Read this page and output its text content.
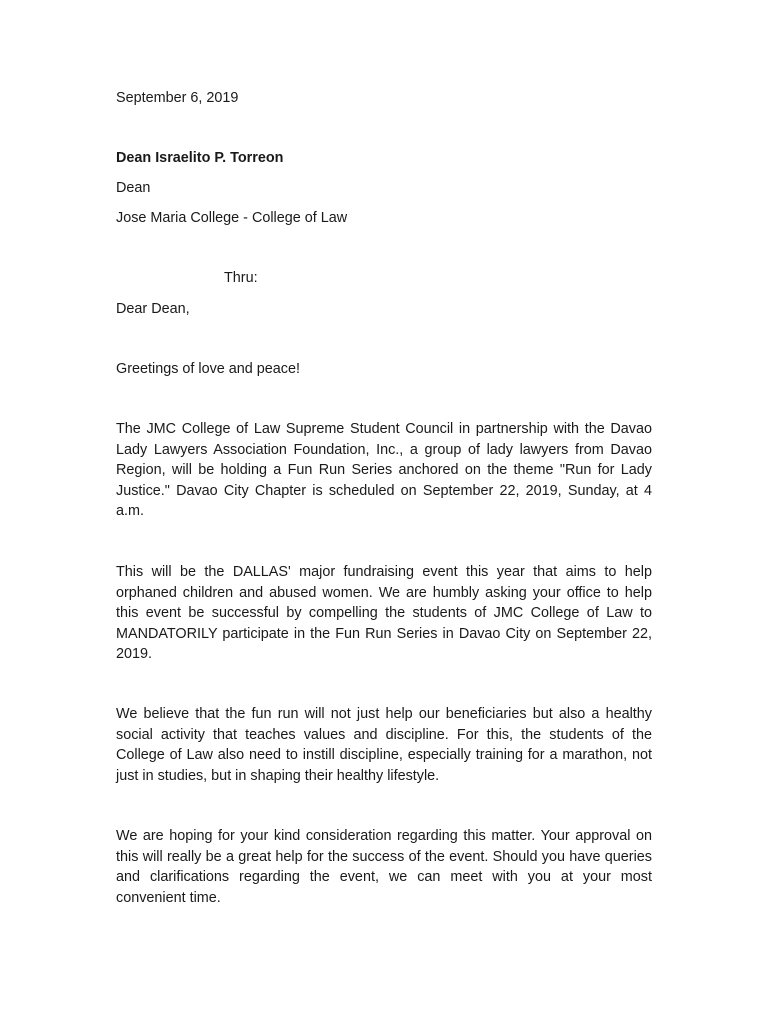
September 6, 2019
Dean Israelito P. Torreon
Dean
Jose Maria College - College of Law
Thru:
Dear Dean,
Greetings of love and peace!

The JMC College of Law Supreme Student Council in partnership with the Davao Lady Lawyers Association Foundation, Inc., a group of lady lawyers from Davao Region, will be holding a Fun Run Series anchored on the theme "Run for Lady Justice." Davao City Chapter is scheduled on September 22, 2019, Sunday, at 4 a.m.

This will be the DALLAS' major fundraising event this year that aims to help orphaned children and abused women. We are humbly asking your office to help this event be successful by compelling the students of JMC College of Law to MANDATORILY participate in the Fun Run Series in Davao City on September 22, 2019.

We believe that the fun run will not just help our beneficiaries but also a healthy social activity that teaches values and discipline. For this, the students of the College of Law also need to instill discipline, especially training for a marathon, not just in studies, but in shaping their healthy lifestyle.

We are hoping for your kind consideration regarding this matter. Your approval on this will really be a great help for the success of the event. Should you have queries and clarifications regarding the event, we can meet with you at your most convenient time.
